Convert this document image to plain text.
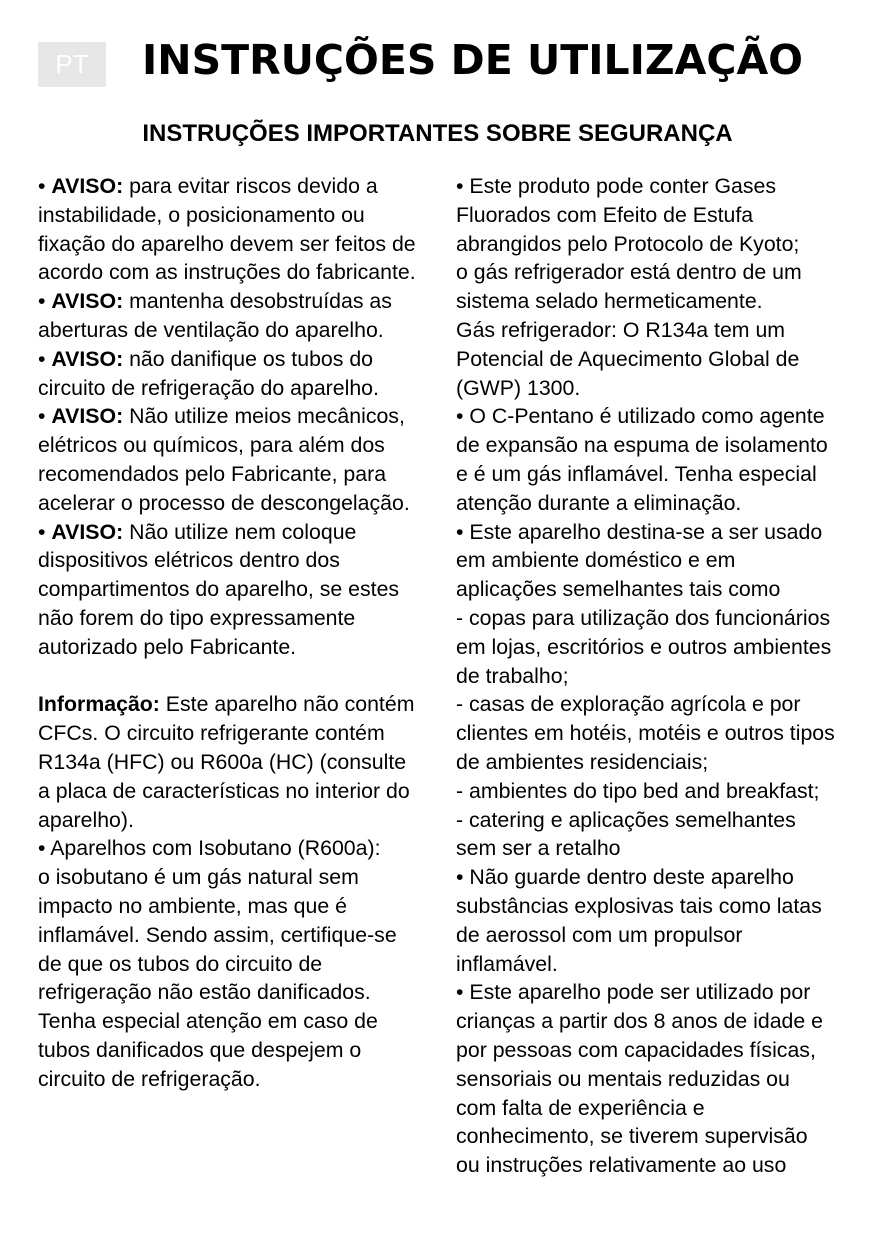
PT	INSTRUÇÕES DE UTILIZAÇÃO
INSTRUÇÕES IMPORTANTES SOBRE SEGURANÇA

• AVISO: para evitar riscos devido a

instabilidade, o posicionamento ou

fixação do aparelho devem ser feitos de

acordo com as instruções do fabricante.

• AVISO: mantenha desobstruídas as

aberturas de ventilação do aparelho.

• AVISO: não danifique os tubos do

circuito de refrigeração do aparelho.

• AVISO: Não utilize meios mecânicos,

elétricos ou químicos, para além dos

recomendados pelo Fabricante, para

acelerar o processo de descongelação.

• AVISO: Não utilize nem coloque

dispositivos elétricos dentro dos

compartimentos do aparelho, se estes

não forem do tipo expressamente

autorizado pelo Fabricante.

Informação: Este aparelho não contém

CFCs. O circuito refrigerante contém

R134a (HFC) ou R600a (HC) (consulte

a placa de características no interior do

aparelho).

• Aparelhos com Isobutano (R600a):

o isobutano é um gás natural sem

impacto no ambiente, mas que é

inflamável. Sendo assim, certifique-se

de que os tubos do circuito de

refrigeração não estão danificados.

Tenha especial atenção em caso de

tubos danificados que despejem o

circuito de refrigeração.

• Este produto pode conter Gases

Fluorados com Efeito de Estufa

abrangidos pelo Protocolo de Kyoto;

o gás refrigerador está dentro de um

sistema selado hermeticamente.

Gás refrigerador: O R134a tem um

Potencial de Aquecimento Global de

(GWP) 1300.

• O C-Pentano é utilizado como agente

de expansão na espuma de isolamento

e é um gás inflamável. Tenha especial

atenção durante a eliminação.

• Este aparelho destina-se a ser usado

em ambiente doméstico e em

aplicações semelhantes tais como

- copas para utilização dos funcionários

em lojas, escritórios e outros ambientes

de trabalho;

- casas de exploração agrícola e por

clientes em hotéis, motéis e outros tipos

de ambientes residenciais;

- ambientes do tipo bed and breakfast;

- catering e aplicações semelhantes

sem ser a retalho

• Não guarde dentro deste aparelho

substâncias explosivas tais como latas

de aerossol com um propulsor

inflamável.

• Este aparelho pode ser utilizado por

crianças a partir dos 8 anos de idade e

por pessoas com capacidades físicas,

sensoriais ou mentais reduzidas ou

com falta de experiência e

conhecimento, se tiverem supervisão

ou instruções relativamente ao uso
